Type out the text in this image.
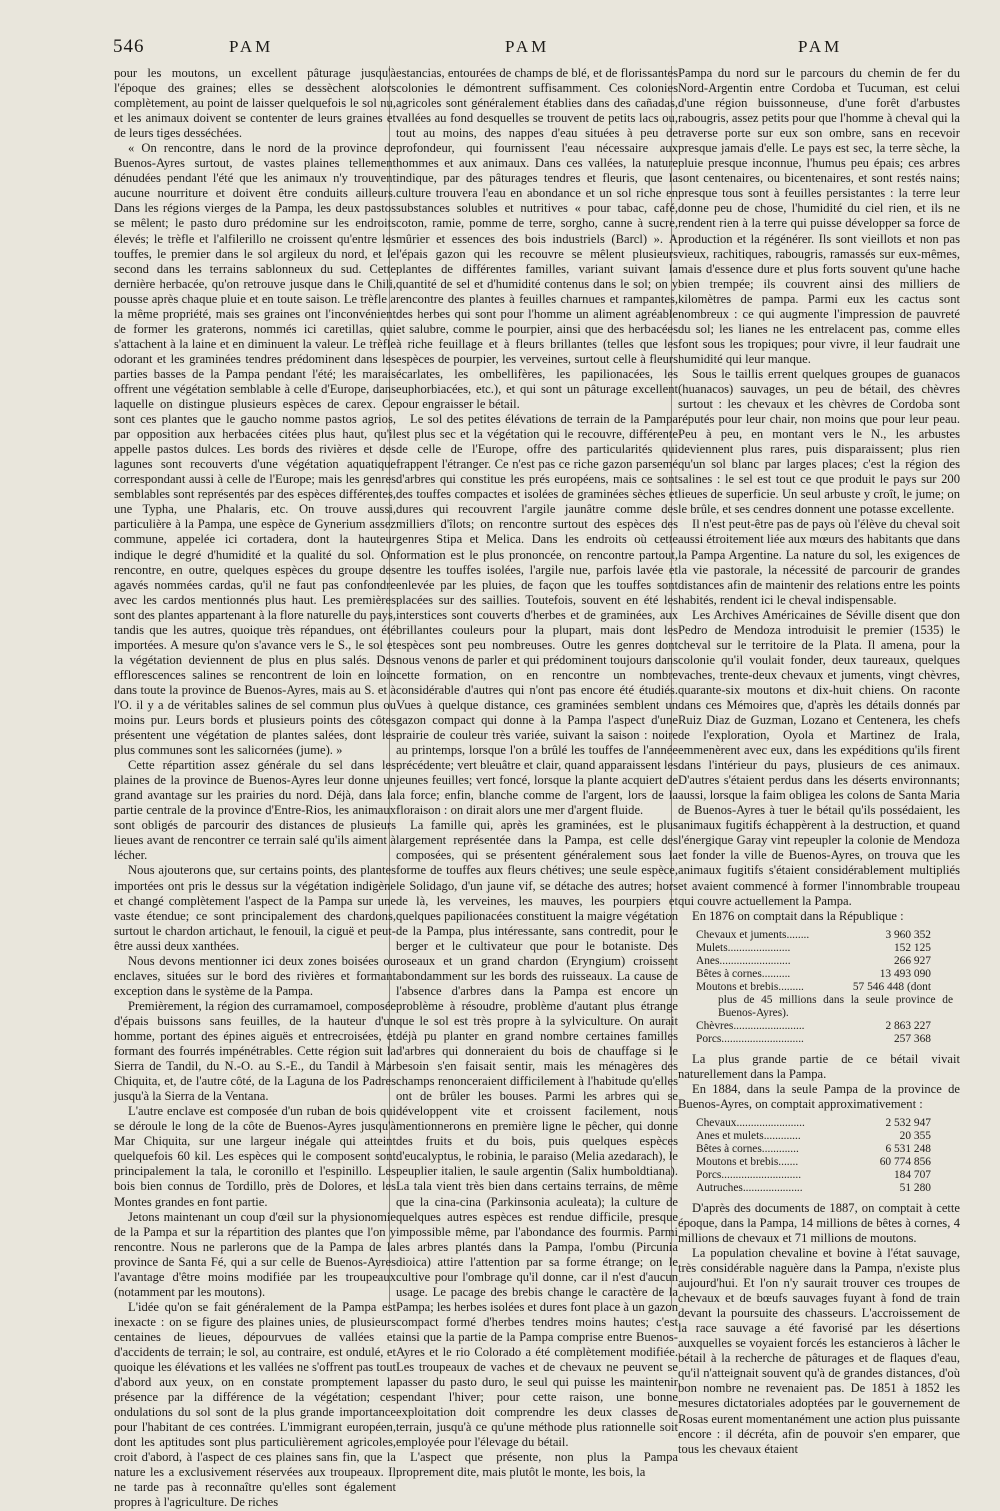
546	PAM	PAM	PAM

pour les moutons, un excellent pâturage jusqu'à l'époque des graines; elles se dessèchent alors complètement, au point de laisser quelquefois le sol nu, et les animaux doivent se contenter de leurs graines et de leurs tiges desséchées.

« On rencontre, dans le nord de la province de Buenos-Ayres surtout, de vastes plaines tellement dénudées pendant l'été que les animaux n'y trouvent aucune nourriture et doivent être conduits ailleurs. Dans les régions vierges de la Pampa, les deux pastos se mêlent; le pasto duro prédomine sur les endroits élevés; le trèfle et l'alfilerillo ne croissent qu'entre les touffes, le premier dans le sol argileux du nord, et le second dans les terrains sablonneux du sud. Cette dernière herbacée, qu'on retrouve jusque dans le Chili, pousse après chaque pluie et en toute saison. Le trèfle a la même propriété, mais ses graines ont l'inconvénient de former les graterons, nommés ici caretillas, qui s'attachent à la laine et en diminuent la valeur. Le trèfle odorant et les graminées tendres prédominent dans les parties basses de la Pampa pendant l'été; les marais offrent une végétation semblable à celle d'Europe, dans laquelle on distingue plusieurs espèces de carex. Ce sont ces plantes que le gaucho nomme pastos agrios, par opposition aux herbacées citées plus haut, qu'il appelle pastos dulces. Les bords des rivières et des lagunes sont recouverts d'une végétation aquatique correspondant aussi à celle de l'Europe; mais les genres semblables sont représentés par des espèces différentes, une Typha, une Phalaris, etc. On trouve aussi, particulière à la Pampa, une espèce de Gynerium assez commune, appelée ici cortadera, dont la hauteur indique le degré d'humidité et la qualité du sol. On rencontre, en outre, quelques espèces du groupe des agavés nommées cardas, qu'il ne faut pas confondre avec les cardos mentionnés plus haut. Les premières sont des plantes appartenant à la flore naturelle du pays, tandis que les autres, quoique très répandues, ont été importées. A mesure qu'on s'avance vers le S., le sol et la végétation deviennent de plus en plus salés. Des efflorescences salines se rencontrent de loin en loin dans toute la province de Buenos-Ayres, mais au S. et à l'O. il y a de véritables salines de sel commun plus ou moins pur. Leurs bords et plusieurs points des côtes présentent une végétation de plantes salées, dont les plus communes sont les salicornées (jume). »

Cette répartition assez générale du sel dans les plaines de la province de Buenos-Ayres leur donne un grand avantage sur les prairies du nord. Déjà, dans la partie centrale de la province d'Entre-Rios, les animaux sont obligés de parcourir des distances de plusieurs lieues avant de rencontrer ce terrain salé qu'ils aiment à lécher.

Nous ajouterons que, sur certains points, des plantes importées ont pris le dessus sur la végétation indigène et changé complètement l'aspect de la Pampa sur une vaste étendue; ce sont principalement des chardons, surtout le chardon artichaut, le fenouil, la ciguë et peut-être aussi deux xanthées.

Nous devons mentionner ici deux zones boisées ou enclaves, situées sur le bord des rivières et formant exception dans le système de la Pampa.

Premièrement, la région des curramamoel, composée d'épais buissons sans feuilles, de la hauteur d'un homme, portant des épines aiguës et entrecroisées, et formant des fourrés impénétrables. Cette région suit la Sierra de Tandil, du N.-O. au S.-E., du Tandil à Mar Chiquita, et, de l'autre côté, de la Laguna de los Padres jusqu'à la Sierra de la Ventana.

L'autre enclave est composée d'un ruban de bois qui se déroule le long de la côte de Buenos-Ayres jusqu'à Mar Chiquita, sur une largeur inégale qui atteint quelquefois 60 kil. Les espèces qui le composent sont principalement la tala, le coronillo et l'espinillo. Les bois bien connus de Tordillo, près de Dolores, et les Montes grandes en font partie.

Jetons maintenant un coup d'œil sur la physionomie de la Pampa et sur la répartition des plantes que l'on y rencontre. Nous ne parlerons que de la Pampa de la province de Santa Fé, qui a sur celle de Buenos-Ayres l'avantage d'être moins modifiée par les troupeaux (notamment par les moutons).

L'idée qu'on se fait généralement de la Pampa est inexacte : on se figure des plaines unies, de plusieurs centaines de lieues, dépourvues de vallées et d'accidents de terrain; le sol, au contraire, est ondulé, et quoique les élévations et les vallées ne s'offrent pas tout d'abord aux yeux, on en constate promptement la présence par la différence de la végétation; ces ondulations du sol sont de la plus grande importance pour l'habitant de ces contrées. L'immigrant européen, dont les aptitudes sont plus particulièrement agricoles, croit d'abord, à l'aspect de ces plaines sans fin, que la nature les a exclusivement réservées aux troupeaux. Il ne tarde pas à reconnaître qu'elles sont également propres à l'agriculture. De riches

estancias, entourées de champs de blé, et de florissantes colonies le démontrent suffisamment. Ces colonies agricoles sont généralement établies dans des cañadas, vallées au fond desquelles se trouvent de petits lacs ou, tout au moins, des nappes d'eau situées à peu de profondeur, qui fournissent l'eau nécessaire aux hommes et aux animaux. Dans ces vallées, la nature indique, par des pâturages tendres et fleuris, que la culture trouvera l'eau en abondance et un sol riche en substances solubles et nutritives « pour tabac, café, coton, ramie, pomme de terre, sorgho, canne à sucre, mûrier et essences des bois industriels (Barcl) ». A l'épais gazon qui les recouvre se mêlent plusieurs plantes de différentes familles, variant suivant la quantité de sel et d'humidité contenus dans le sol; on y rencontre des plantes à feuilles charnues et rampantes, des herbes qui sont pour l'homme un aliment agréable et salubre, comme le pourpier, ainsi que des herbacées à riche feuillage et à fleurs brillantes (telles que les espèces de pourpier, les verveines, surtout celle à fleurs écarlates, les ombellifères, les papilionacées, les euphorbiacées, etc.), et qui sont un pâturage excellent pour engraisser le bétail.

Le sol des petites élévations de terrain de la Pampa est plus sec et la végétation qui le recouvre, différente de celle de l'Europe, offre des particularités qui frappent l'étranger. Ce n'est pas ce riche gazon parsemé d'arbres qui constitue les prés européens, mais ce sont des touffes compactes et isolées de graminées sèches et dures qui recouvrent l'argile jaunâtre comme des milliers d'îlots; on rencontre surtout des espèces des genres Stipa et Melica. Dans les endroits où cette formation est le plus prononcée, on rencontre partout, entre les touffes isolées, l'argile nue, parfois lavée et enlevée par les pluies, de façon que les touffes sont placées sur des saillies. Toutefois, souvent en été les interstices sont couverts d'herbes et de graminées, aux brillantes couleurs pour la plupart, mais dont les espèces sont peu nombreuses. Outre les genres dont nous venons de parler et qui prédominent toujours dans cette formation, on en rencontre un nombre considérable d'autres qui n'ont pas encore été étudiés. Vues à quelque distance, ces graminées semblent un gazon compact qui donne à la Pampa l'aspect d'une prairie de couleur très variée, suivant la saison : noire au printemps, lorsque l'on a brûlé les touffes de l'année précédente; vert bleuâtre et clair, quand apparaissent les jeunes feuilles; vert foncé, lorsque la plante acquiert de la force; enfin, blanche comme de l'argent, lors de la floraison : on dirait alors une mer d'argent fluide.

La famille qui, après les graminées, est le plus largement représentée dans la Pampa, est celle des composées, qui se présentent généralement sous la forme de touffes aux fleurs chétives; une seule espèce, le Solidago, d'un jaune vif, se détache des autres; hors de là, les verveines, les mauves, les pourpiers et quelques papilionacées constituent la maigre végétation de la Pampa, plus intéressante, sans contredit, pour le berger et le cultivateur que pour le botaniste. Des roseaux et un grand chardon (Eryngium) croissent abondamment sur les bords des ruisseaux. La cause de l'absence d'arbres dans la Pampa est encore un problème à résoudre, problème d'autant plus étrange que le sol est très propre à la sylviculture. On aurait déjà pu planter en grand nombre certaines familles d'arbres qui donneraient du bois de chauffage si le besoin s'en faisait sentir, mais les ménagères des champs renonceraient difficilement à l'habitude qu'elles ont de brûler les bouses. Parmi les arbres qui se développent vite et croissent facilement, nous mentionnerons en première ligne le pêcher, qui donne des fruits et du bois, puis quelques espèces d'eucalyptus, le robinia, le paraiso (Melia azedarach), le peuplier italien, le saule argentin (Salix humboldtiana). La tala vient très bien dans certains terrains, de même que la cina-cina (Parkinsonia aculeata); la culture de quelques autres espèces est rendue difficile, presque impossible même, par l'abondance des fourmis. Parmi les arbres plantés dans la Pampa, l'ombu (Pircunia dioica) attire l'attention par sa forme étrange; on le cultive pour l'ombrage qu'il donne, car il n'est d'aucun usage. Le pacage des brebis change le caractère de la Pampa; les herbes isolées et dures font place à un gazon compact formé d'herbes tendres moins hautes; c'est ainsi que la partie de la Pampa comprise entre Buenos-Ayres et le rio Colorado a été complètement modifiée. Les troupeaux de vaches et de chevaux ne peuvent se passer du pasto duro, le seul qui puisse les maintenir pendant l'hiver; pour cette raison, une bonne exploitation doit comprendre les deux classes de terrain, jusqu'à ce qu'une méthode plus rationnelle soit employée pour l'élevage du bétail.

L'aspect que présente, non plus la Pampa proprement dite, mais plutôt le monte, les bois, la

Pampa du nord sur le parcours du chemin de fer du Nord-Argentin entre Cordoba et Tucuman, est celui d'une région buissonneuse, d'une forêt d'arbustes rabougris, assez petits pour que l'homme à cheval qui la traverse porte sur eux son ombre, sans en recevoir presque jamais d'elle. Le pays est sec, la terre sèche, la pluie presque inconnue, l'humus peu épais; ces arbres sont centenaires, ou bicentenaires, et sont restés nains; presque tous sont à feuilles persistantes : la terre leur donne peu de chose, l'humidité du ciel rien, et ils ne rendent rien à la terre qui puisse développer sa force de production et la régénérer. Ils sont vieillots et non pas vieux, rachitiques, rabougris, ramassés sur eux-mêmes, mais d'essence dure et plus forts souvent qu'une hache bien trempée; ils couvrent ainsi des milliers de kilomètres de pampa. Parmi eux les cactus sont nombreux : ce qui augmente l'impression de pauvreté du sol; les lianes ne les entrelacent pas, comme elles font sous les tropiques; pour vivre, il leur faudrait une humidité qui leur manque.

Sous le taillis errent quelques groupes de guanacos (huanacos) sauvages, un peu de bétail, des chèvres surtout : les chevaux et les chèvres de Cordoba sont réputés pour leur chair, non moins que pour leur peau. Peu à peu, en montant vers le N., les arbustes deviennent plus rares, puis disparaissent; plus rien qu'un sol blanc par larges places; c'est la région des salines : le sel est tout ce que produit le pays sur 200 lieues de superficie. Un seul arbuste y croît, le jume; on le brûle, et ses cendres donnent une potasse excellente.

Il n'est peut-être pas de pays où l'élève du cheval soit aussi étroitement liée aux mœurs des habitants que dans la Pampa Argentine. La nature du sol, les exigences de la vie pastorale, la nécessité de parcourir de grandes distances afin de maintenir des relations entre les points habités, rendent ici le cheval indispensable.

Les Archives Américaines de Séville disent que don Pedro de Mendoza introduisit le premier (1535) le cheval sur le territoire de la Plata. Il amena, pour la colonie qu'il voulait fonder, deux taureaux, quelques vaches, trente-deux chevaux et juments, vingt chèvres, quarante-six moutons et dix-huit chiens. On raconte dans ces Mémoires que, d'après les détails donnés par Ruiz Diaz de Guzman, Lozano et Centenera, les chefs de l'exploration, Oyola et Martinez de Irala, emmenèrent avec eux, dans les expéditions qu'ils firent dans l'intérieur du pays, plusieurs de ces animaux. D'autres s'étaient perdus dans les déserts environnants; aussi, lorsque la faim obligea les colons de Santa Maria de Buenos-Ayres à tuer le bétail qu'ils possédaient, les animaux fugitifs échappèrent à la destruction, et quand l'énergique Garay vint repeupler la colonie de Mendoza et fonder la ville de Buenos-Ayres, on trouva que les animaux fugitifs s'étaient considérablement multipliés et avaient commencé à former l'innombrable troupeau qui couvre actuellement la Pampa.

En 1876 on comptait dans la République :

Chevaux et juments........	3 960 352
Mulets......................	152 125
Anes.........................	266 927
Bêtes à cornes..........	13 493 090
Moutons et brebis.........	57 546 448 (dont
plus de 45 millions dans la seule province de Buenos-Ayres).
Chèvres.........................	2 863 227
Porcs.............................	257 368

La plus grande partie de ce bétail vivait naturellement dans la Pampa.

En 1884, dans la seule Pampa de la province de Buenos-Ayres, on comptait approximativement :

Chevaux........................	2 532 947
Anes et mulets.............	20 355
Bêtes à cornes.............	6 531 248
Moutons et brebis.......	60 774 856
Porcs............................	184 707
Autruches.....................	51 280

D'après des documents de 1887, on comptait à cette époque, dans la Pampa, 14 millions de bêtes à cornes, 4 millions de chevaux et 71 millions de moutons.

La population chevaline et bovine à l'état sauvage, très considérable naguère dans la Pampa, n'existe plus aujourd'hui. Et l'on n'y saurait trouver ces troupes de chevaux et de bœufs sauvages fuyant à fond de train devant la poursuite des chasseurs. L'accroissement de la race sauvage a été favorisé par les désertions auxquelles se voyaient forcés les estancieros à lâcher le bétail à la recherche de pâturages et de flaques d'eau, qu'il n'atteignait souvent qu'à de grandes distances, d'où bon nombre ne revenaient pas. De 1851 à 1852 les mesures dictatoriales adoptées par le gouvernement de Rosas eurent momentanément une action plus puissante encore : il décréta, afin de pouvoir s'en emparer, que tous les chevaux étaient
